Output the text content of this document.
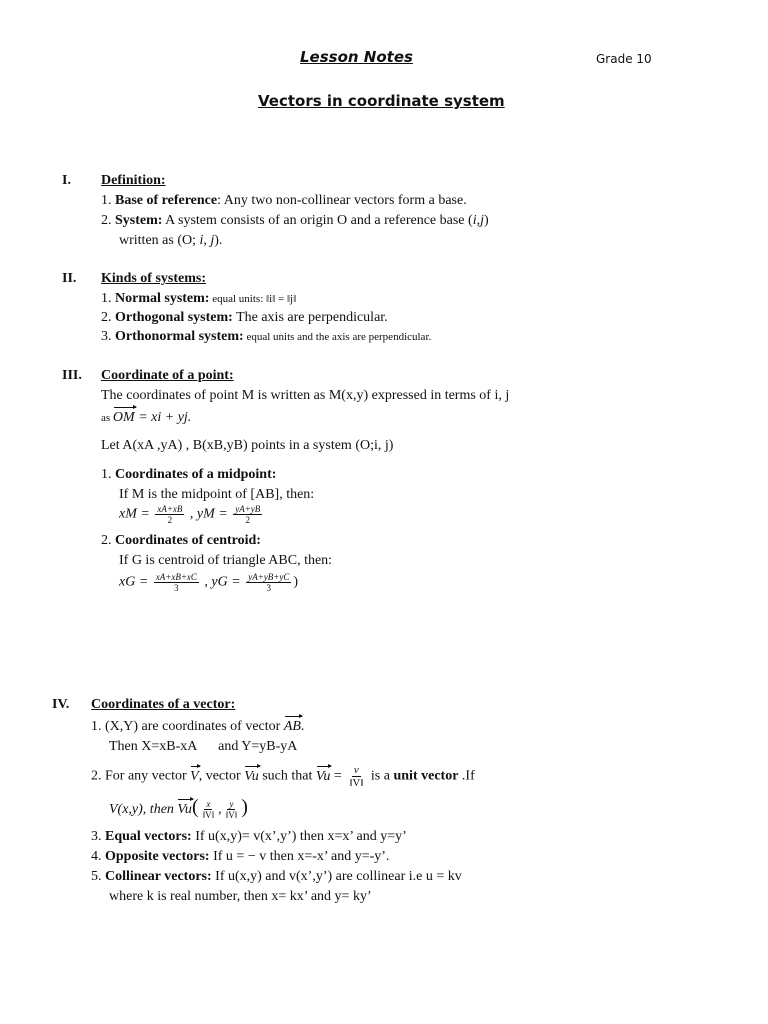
Lesson Notes	Grade 10
Vectors in coordinate system
I. Definition:
1. Base of reference: Any two non-collinear vectors form a base.
2. System: A system consists of an origin O and a reference base (i,j)
written as (O; i, j).
II. Kinds of systems:
1. Normal system: equal units: ‖i‖ = ‖j‖
2. Orthogonal system: The axis are perpendicular.
3. Orthonormal system: equal units and the axis are perpendicular.
III. Coordinate of a point:
The coordinates of point M is written as M(x,y) expressed in terms of i, j
as OM = xi + yj.
Let A(xA ,yA) , B(xB,yB) points in a system (O;i, j)
1. Coordinates of a midpoint:
If M is the midpoint of [AB], then:
xM = $\frac{xA+xB}{2}$ , yM = $\frac{yA+yB}{2}$
2. Coordinates of centroid:
If G is centroid of triangle ABC, then:
xG = $\frac{xA+xB+xC}{3}$ , yG = $\frac{yA+yB+yC}{3}$ )
IV. Coordinates of a vector:
1. (X,Y) are coordinates of vector AB.
Then X=xB-xA and Y=yB-yA
2. For any vector V, vector Vu such that $Vu = \frac{v}{‖V‖}$ is a unit vector .If
V(x,y), then $Vu( \frac{x}{‖V‖}$ , $\frac{y}{‖V‖}$ )
3. Equal vectors: If u(x,y)= v(x’,y’) then x=x’ and y=y’
4. Opposite vectors: If u = − v then x=-x’ and y=-y’.
5. Collinear vectors: If u(x,y) and v(x’,y’) are collinear i.e u = kv
where k is real number, then x= kx’ and y= ky’
